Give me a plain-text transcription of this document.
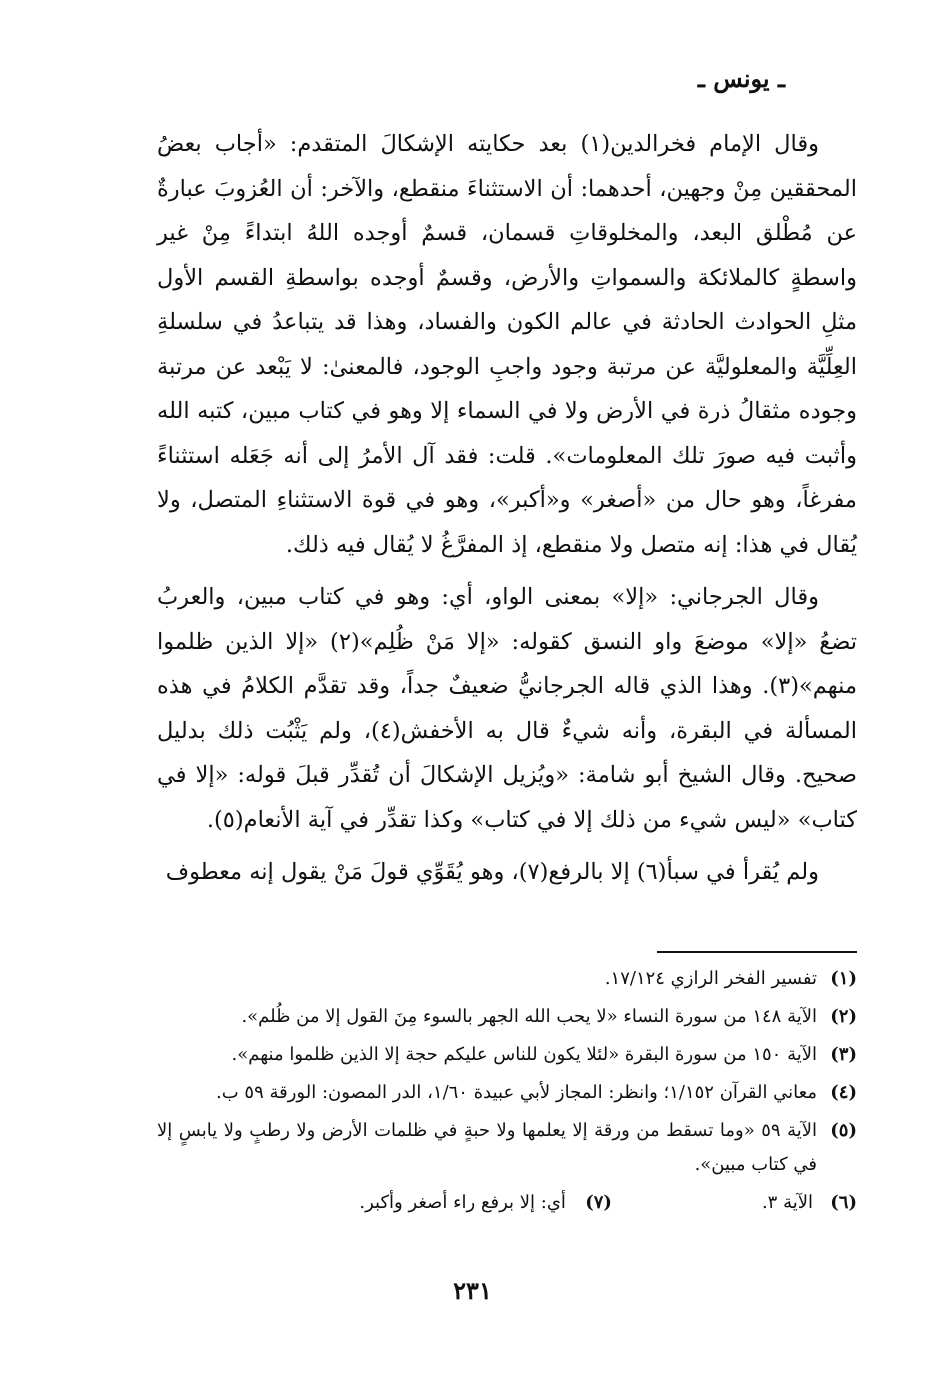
ـ يونس ـ

وقال الإمام فخرالدين(١) بعد حكايته الإشكالَ المتقدم: «أجاب بعضُ المحققين مِنْ وجهين، أحدهما: أن الاستثناءَ منقطع، والآخر: أن العُزوبَ عبارةٌ عن مُطْلق البعد، والمخلوقاتِ قسمان، قسمٌ أوجده اللهُ ابتداءً مِنْ غير واسطةٍ كالملائكة والسمواتِ والأرض، وقسمٌ أوجده بواسطةِ القسم الأول مثلِ الحوادث الحادثة في عالم الكون والفساد، وهذا قد يتباعدُ في سلسلةِ العِلِّيَّة والمعلوليَّة عن مرتبة وجود واجبِ الوجود، فالمعنىٰ: لا يَبْعد عن مرتبة وجوده مثقالُ ذرة في الأرض ولا في السماء إلا وهو في كتاب مبين، كتبه الله وأثبت فيه صورَ تلك المعلومات». قلت: فقد آل الأمرُ إلى أنه جَعَله استثناءً مفرغاً، وهو حال من «أصغر» و«أكبر»، وهو في قوة الاستثناءِ المتصل، ولا يُقال في هذا: إنه متصل ولا منقطع، إذ المفرَّغُ لا يُقال فيه ذلك.

وقال الجرجاني: «إلا» بمعنى الواو، أي: وهو في كتاب مبين، والعربُ تضعُ «إلا» موضعَ واو النسق كقوله: «إلا مَنْ ظُلِم»(٢) «إلا الذين ظلموا منهم»(٣). وهذا الذي قاله الجرجانيُّ ضعيفٌ جداً، وقد تقدَّم الكلامُ في هذه المسألة في البقرة، وأنه شيءٌ قال به الأخفش(٤)، ولم يَثْبُت ذلك بدليل صحيح. وقال الشيخ أبو شامة: «ويُزيل الإشكالَ أن تُقدِّر قبلَ قوله: «إلا في كتاب» «ليس شيء من ذلك إلا في كتاب» وكذا تقدِّر في آية الأنعام(٥).

ولم يُقرأ في سبأ(٦) إلا بالرفع(٧)، وهو يُقَوِّي قولَ مَنْ يقول إنه معطوف

(١)
تفسير الفخر الرازي ١٧/١٢٤.
(٢)
الآية ١٤٨ من سورة النساء «لا يحب الله الجهر بالسوء مِنَ القول إلا من ظُلم».
(٣)
الآية ١٥٠ من سورة البقرة «لئلا يكون للناس عليكم حجة إلا الذين ظلموا منهم».
(٤)
معاني القرآن ١/١٥٢؛ وانظر: المجاز لأبي عبيدة ١/٦٠، الدر المصون: الورقة ٥٩ ب.
(٥)
الآية ٥٩ «وما تسقط من ورقة إلا يعلمها ولا حبةٍ في ظلمات الأرض ولا رطبٍ ولا يابسٍ إلا في كتاب مبين».
(٦)
الآية ٣.
(٧)
أي: إلا برفع راء أصغر وأكبر.
٢٣١
